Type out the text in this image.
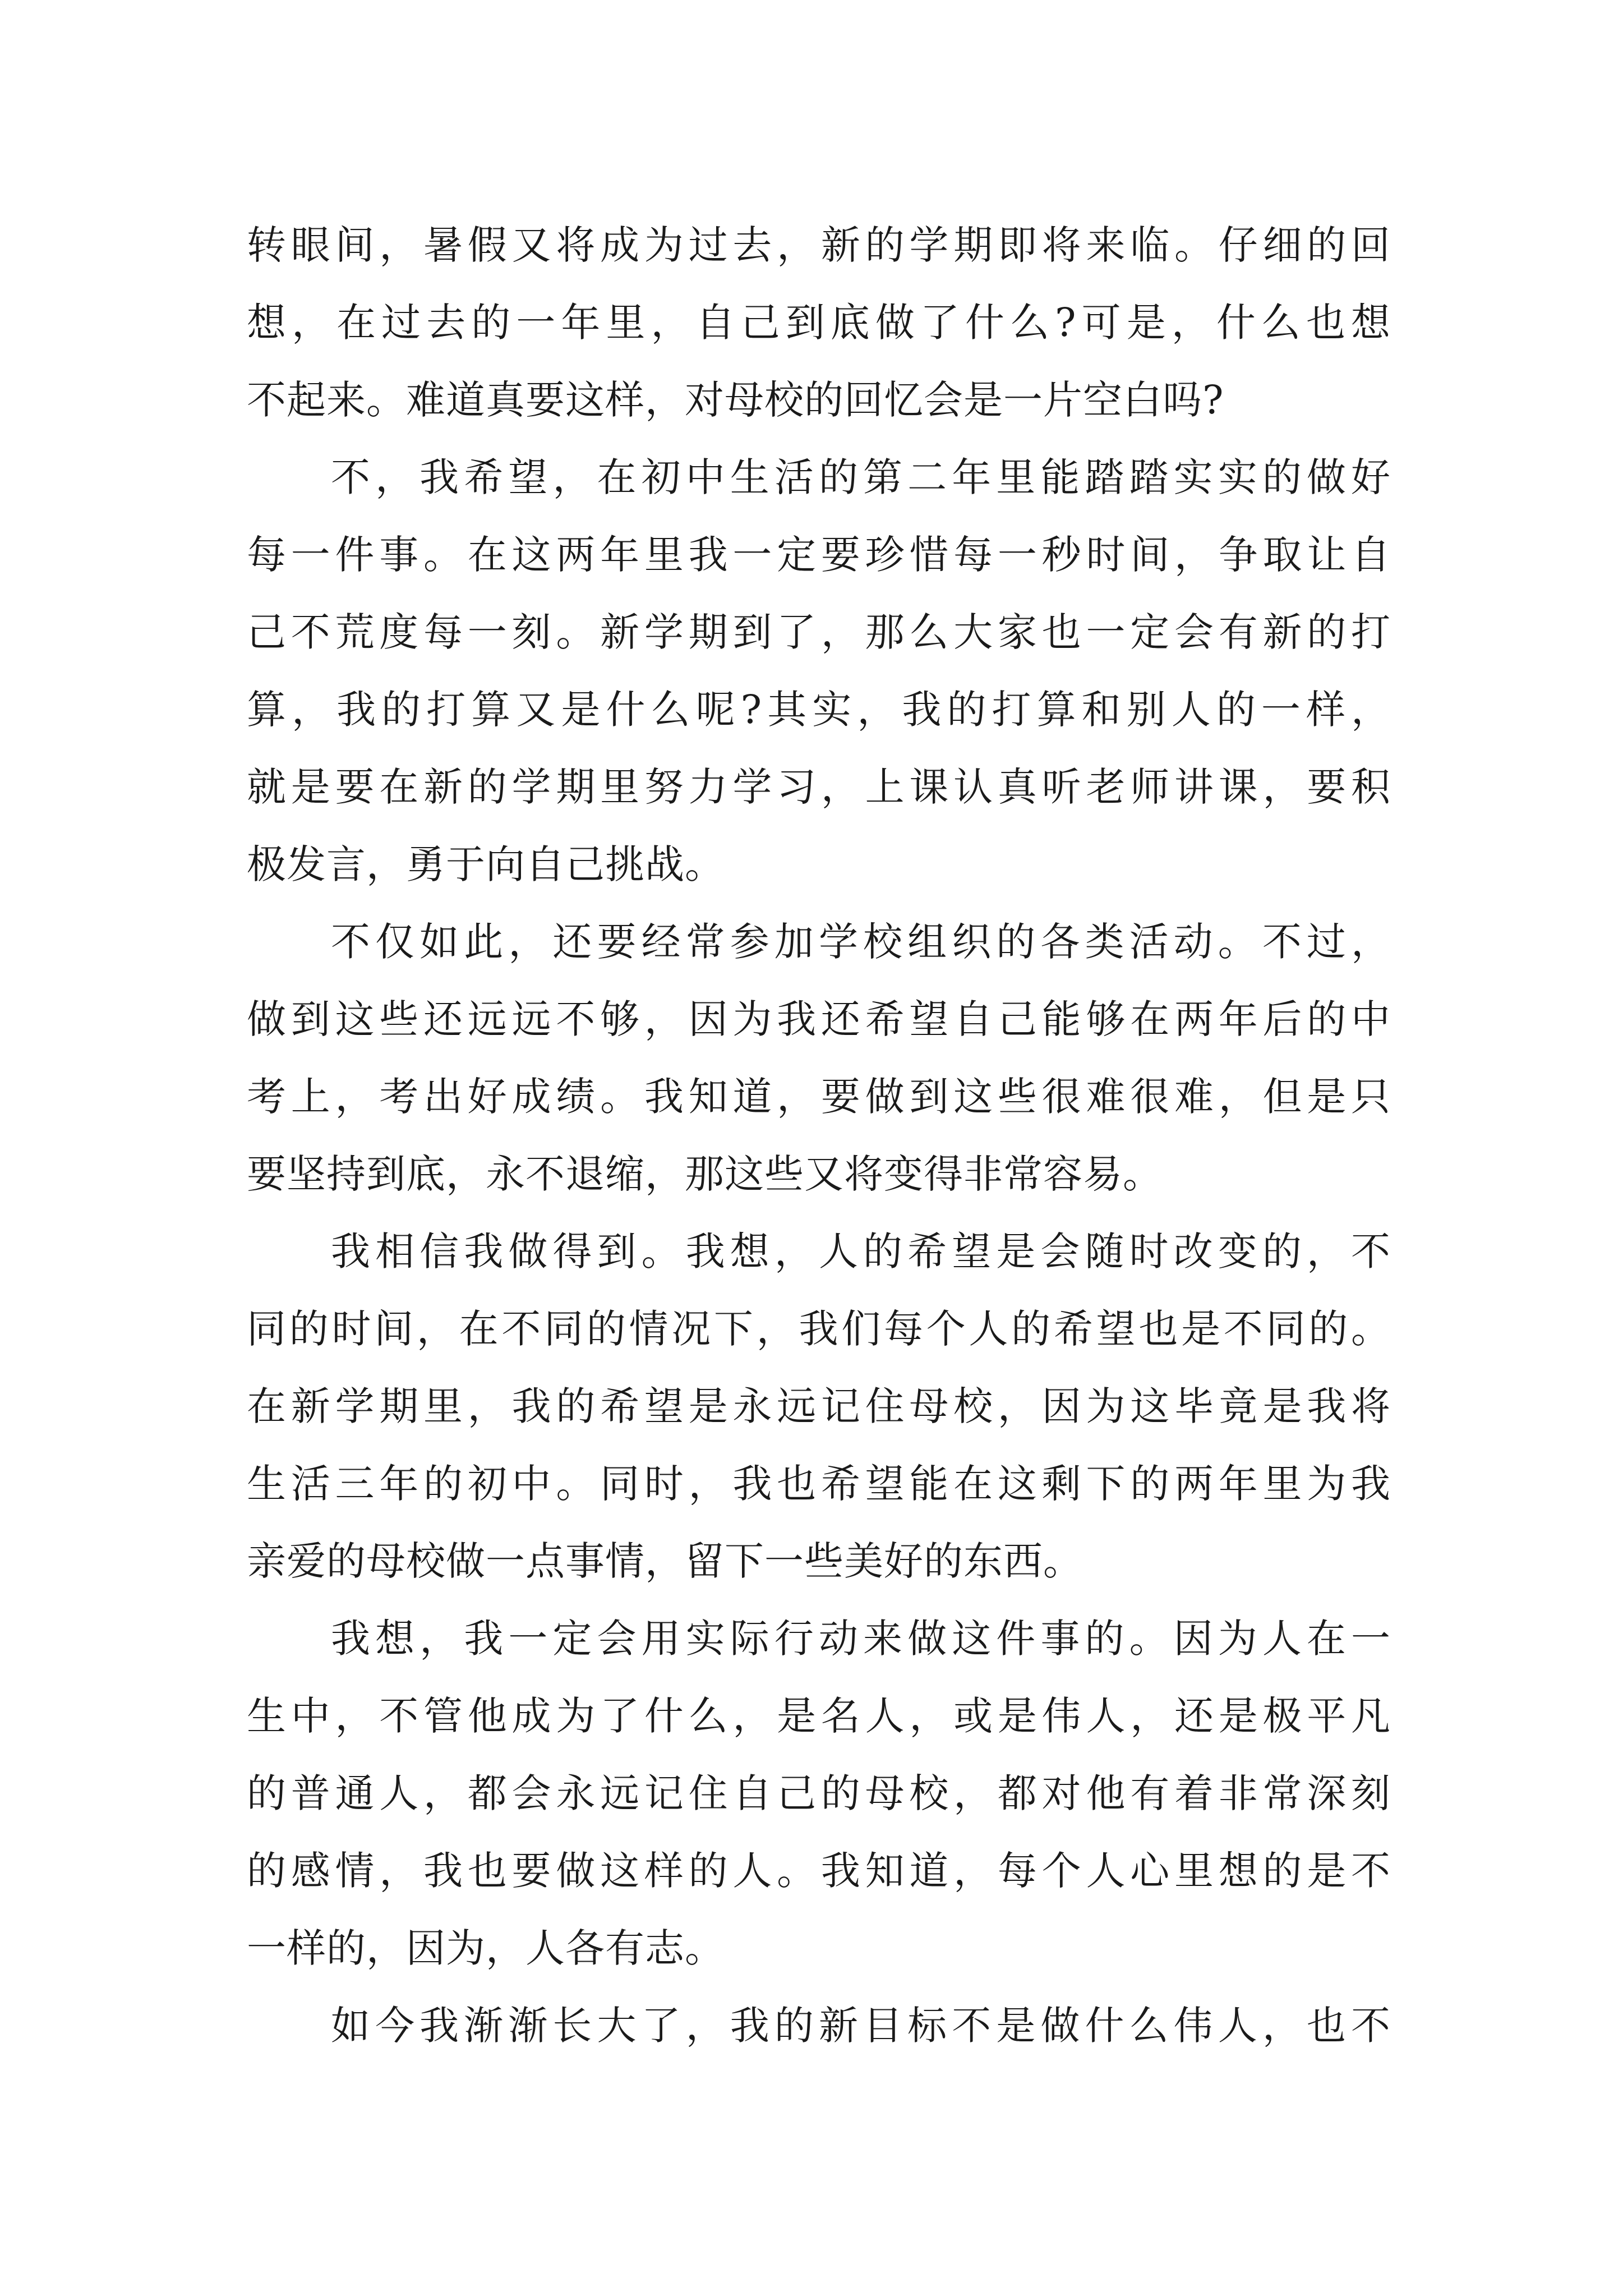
转眼间，暑假又将成为过去，新的学期即将来临。仔细的回
想，在过去的一年里，自己到底做了什么?可是，什么也想
不起来。难道真要这样，对母校的回忆会是一片空白吗?
不，我希望，在初中生活的第二年里能踏踏实实的做好
每一件事。在这两年里我一定要珍惜每一秒时间，争取让自
己不荒度每一刻。新学期到了，那么大家也一定会有新的打
算，我的打算又是什么呢?其实，我的打算和别人的一样，
就是要在新的学期里努力学习，上课认真听老师讲课，要积
极发言，勇于向自己挑战。
不仅如此，还要经常参加学校组织的各类活动。不过，
做到这些还远远不够，因为我还希望自己能够在两年后的中
考上，考出好成绩。我知道，要做到这些很难很难，但是只
要坚持到底，永不退缩，那这些又将变得非常容易。
我相信我做得到。我想，人的希望是会随时改变的，不
同的时间，在不同的情况下，我们每个人的希望也是不同的。
在新学期里，我的希望是永远记住母校，因为这毕竟是我将
生活三年的初中。同时，我也希望能在这剩下的两年里为我
亲爱的母校做一点事情，留下一些美好的东西。
我想，我一定会用实际行动来做这件事的。因为人在一
生中，不管他成为了什么，是名人，或是伟人，还是极平凡
的普通人，都会永远记住自己的母校，都对他有着非常深刻
的感情，我也要做这样的人。我知道，每个人心里想的是不
一样的，因为，人各有志。
如今我渐渐长大了，我的新目标不是做什么伟人，也不
